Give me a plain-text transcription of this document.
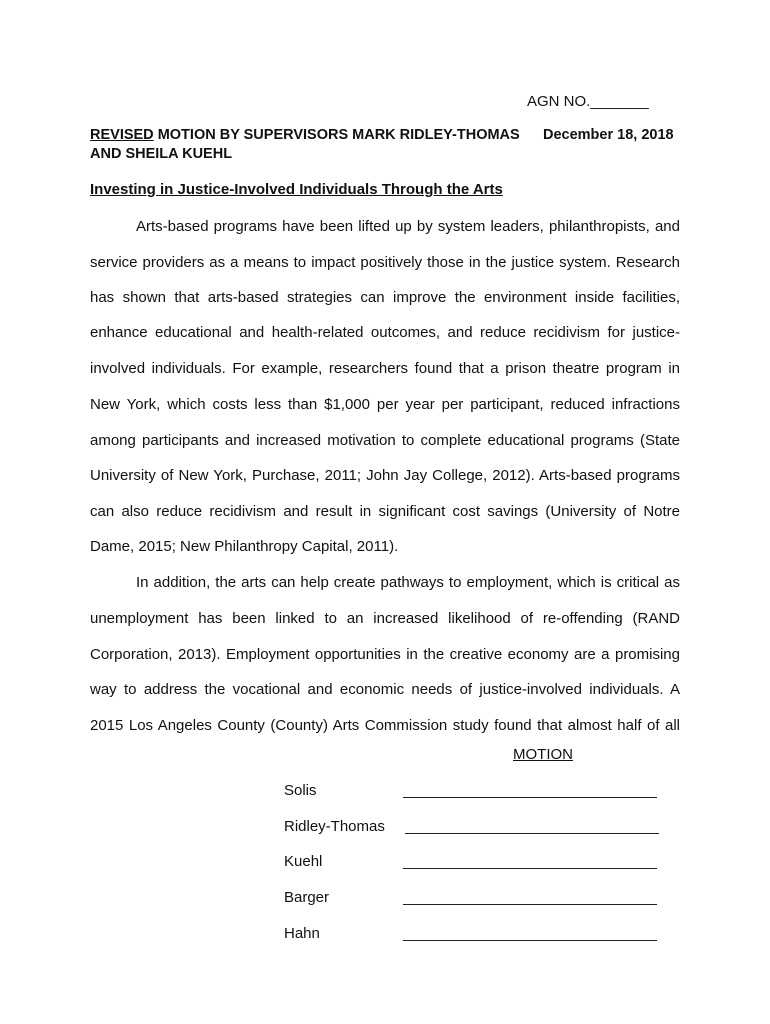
AGN NO._______
REVISED MOTION BY SUPERVISORS MARK RIDLEY-THOMAS
AND SHEILA KUEHL
December 18, 2018
Investing in Justice-Involved Individuals Through the Arts
Arts-based programs have been lifted up by system leaders, philanthropists, and
service providers as a means to impact positively those in the justice system. Research
has shown that arts-based strategies can improve the environment inside facilities,
enhance educational and health-related outcomes, and reduce recidivism for justice-
involved individuals. For example, researchers found that a prison theatre program in
New York, which costs less than $1,000 per year per participant, reduced infractions
among participants and increased motivation to complete educational programs (State
University of New York, Purchase, 2011; John Jay College, 2012). Arts-based programs
can also reduce recidivism and result in significant cost savings (University of Notre
Dame, 2015; New Philanthropy Capital, 2011).
In addition, the arts can help create pathways to employment, which is critical as
unemployment has been linked to an increased likelihood of re-offending (RAND
Corporation, 2013). Employment opportunities in the creative economy are a promising
way to address the vocational and economic needs of justice-involved individuals. A
2015 Los Angeles County (County) Arts Commission study found that almost half of all
MOTION
Solis
Ridley-Thomas
Kuehl
Barger
Hahn
